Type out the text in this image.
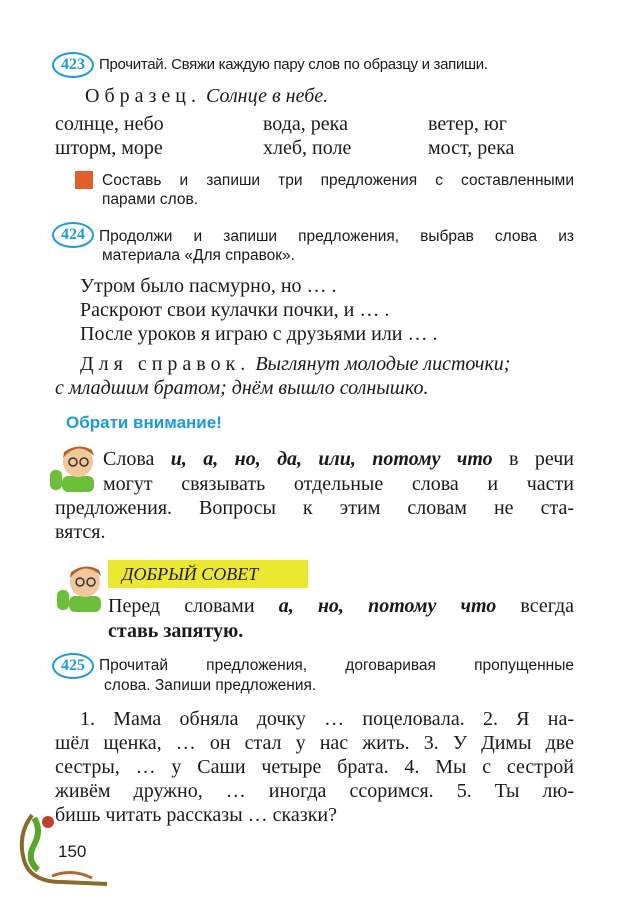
423 Прочитай. Свяжи каждую пару слов по образцу и запиши.
Образец. Солнце в небе.
солнце, небо	вода, река	ветер, юг
шторм, море	хлеб, поле	мост, река
Составь и запиши три предложения с составленными
парами слов.
424 Продолжи и запиши предложения, выбрав слова из
материала «Для справок».
Утром было пасмурно, но … .
Раскроют свои кулачки почки, и … .
После уроков я играю с друзьями или … .
Для справок. Выглянут молодые листочки;
с младшим братом; днём вышло солнышко.
Обрати внимание!
Слова и, а, но, да, или, потому что в речи
могут связывать отдельные слова и части
предложения. Вопросы к этим словам не ста-
вятся.
ДОБРЫЙ СОВЕТ
Перед словами а, но, потому что всегда
ставь запятую.
425 Прочитай предложения, договаривая пропущенные
слова. Запиши предложения.
1. Мама обняла дочку … поцеловала. 2. Я на-
шёл щенка, … он стал у нас жить. 3. У Димы две
сестры, … у Саши четыре брата. 4. Мы с сестрой
живём дружно, … иногда ссоримся. 5. Ты лю-
бишь читать рассказы … сказки?
150
